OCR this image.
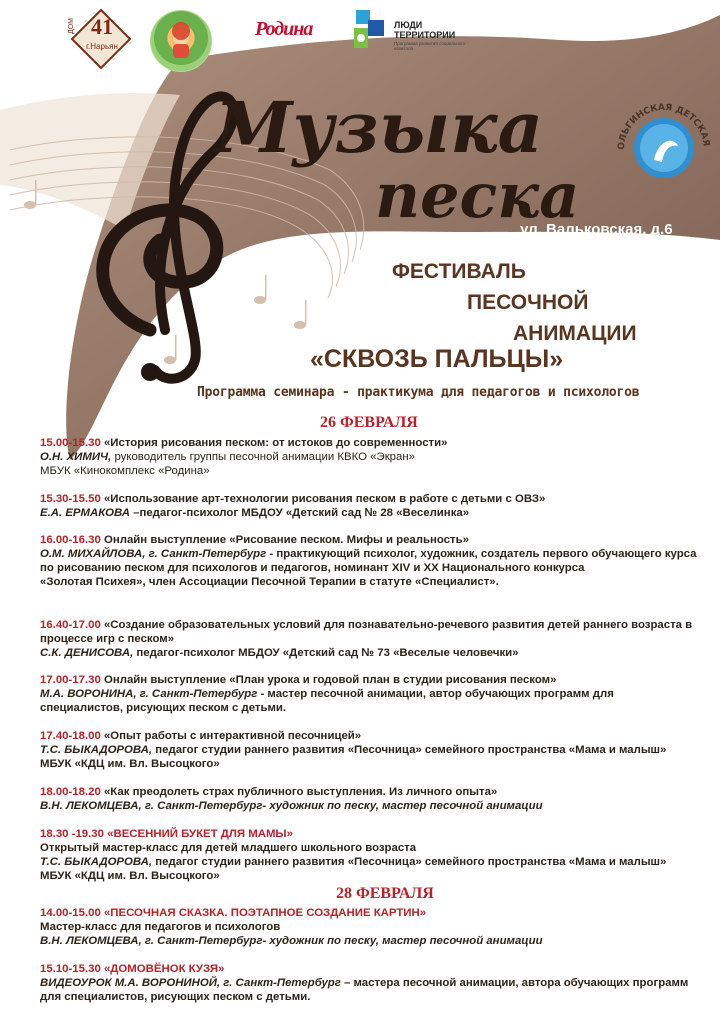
ДОМ 41
г.Нарьян
Родина	ЛЮДИ
ТЕРРИТОРИИ
Программа развития социального капитала
Музыка
песка
ОЛЬГИНСКАЯ ДЕТСКАЯ
ул. Вальковская, д.6
ФЕСТИВАЛЬ
ПЕСОЧНОЙ
АНИМАЦИИ
«СКВОЗЬ ПАЛЬЦЫ»
Программа семинара - практикума для педагогов и психологов
26 ФЕВРАЛЯ

15.00-15.30 «История рисования песком: от истоков до современности»

О.Н. ХИМИЧ, руководитель группы песочной анимации КВКО «Экран»

МБУК «Кинокомплекс «Родина»

15.30-15.50 «Использование арт-технологии рисования песком в работе с детьми с ОВЗ»

Е.А. ЕРМАКОВА –педагог-психолог МБДОУ «Детский сад № 28 «Веселинка»

16.00-16.30 Онлайн выступление «Рисование песком. Мифы и реальность»

О.М. МИХАЙЛОВА, г. Санкт-Петербург - практикующий психолог, художник, создатель первого обучающего курса по рисованию песком для психологов и педагогов, номинант XIV и XX Национального конкурса

«Золотая Психея», член Ассоциации Песочной Терапии в статуте «Специалист».

16.40-17.00 «Создание образовательных условий для познавательно-речевого развития детей раннего возраста в процессе игр с песком»

С.К. ДЕНИСОВА, педагог-психолог МБДОУ «Детский сад № 73 «Веселые человечки»

17.00-17.30 Онлайн выступление «План урока и годовой план в студии рисования песком»

М.А. ВОРОНИНА, г. Санкт-Петербург - мастер песочной анимации, автор обучающих программ для специалистов, рисующих песком с детьми.

17.40-18.00 «Опыт работы с интерактивной песочницей»

Т.С. БЫКАДОРОВА, педагог студии раннего развития «Песочница» семейного пространства «Мама и малыш» МБУК «КДЦ им. Вл. Высоцкого»

18.00-18.20 «Как преодолеть страх публичного выступления. Из личного опыта»

В.Н. ЛЕКОМЦЕВА, г. Санкт-Петербург- художник по песку, мастер песочной анимации

18.30 -19.30 «ВЕСЕННИЙ БУКЕТ ДЛЯ МАМЫ»

Открытый мастер-класс для детей младшего школьного возраста

Т.С. БЫКАДОРОВА, педагог студии раннего развития «Песочница» семейного пространства «Мама и малыш» МБУК «КДЦ им. Вл. Высоцкого»

28 ФЕВРАЛЯ

14.00-15.00 «ПЕСОЧНАЯ СКАЗКА. ПОЭТАПНОЕ СОЗДАНИЕ КАРТИН»

Мастер-класс для педагогов и психологов

В.Н. ЛЕКОМЦЕВА, г. Санкт-Петербург- художник по песку, мастер песочной анимации

15.10-15.30 «ДОМОВЁНОК КУЗЯ»

ВИДЕОУРОК М.А. ВОРОНИНОЙ, г. Санкт-Петербург – мастера песочной анимации, автора обучающих программ для специалистов, рисующих песком с детьми.
